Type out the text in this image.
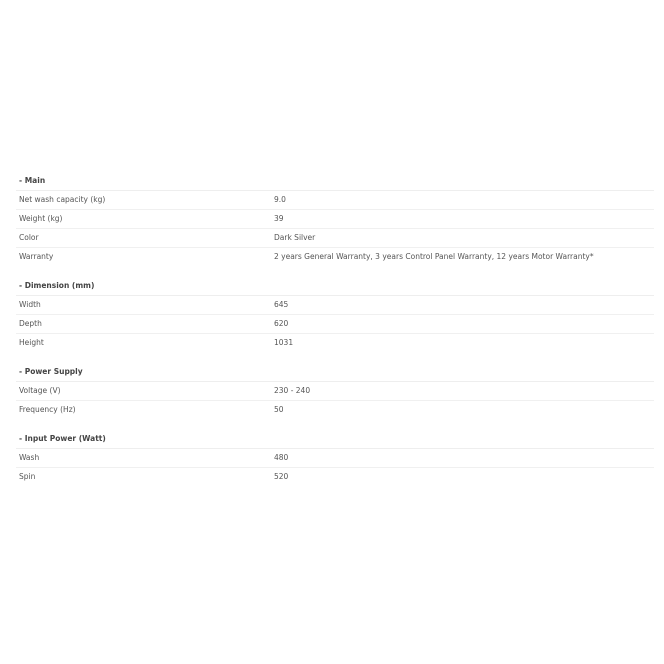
- Main
Net wash capacity (kg)	9.0
Weight (kg)	39
Color	Dark Silver
Warranty	2 years General Warranty, 3 years Control Panel Warranty, 12 years Motor Warranty*
- Dimension (mm)
Width	645
Depth	620
Height	1031
- Power Supply
Voltage (V)	230 - 240
Frequency (Hz)	50
- Input Power (Watt)
Wash	480
Spin	520
